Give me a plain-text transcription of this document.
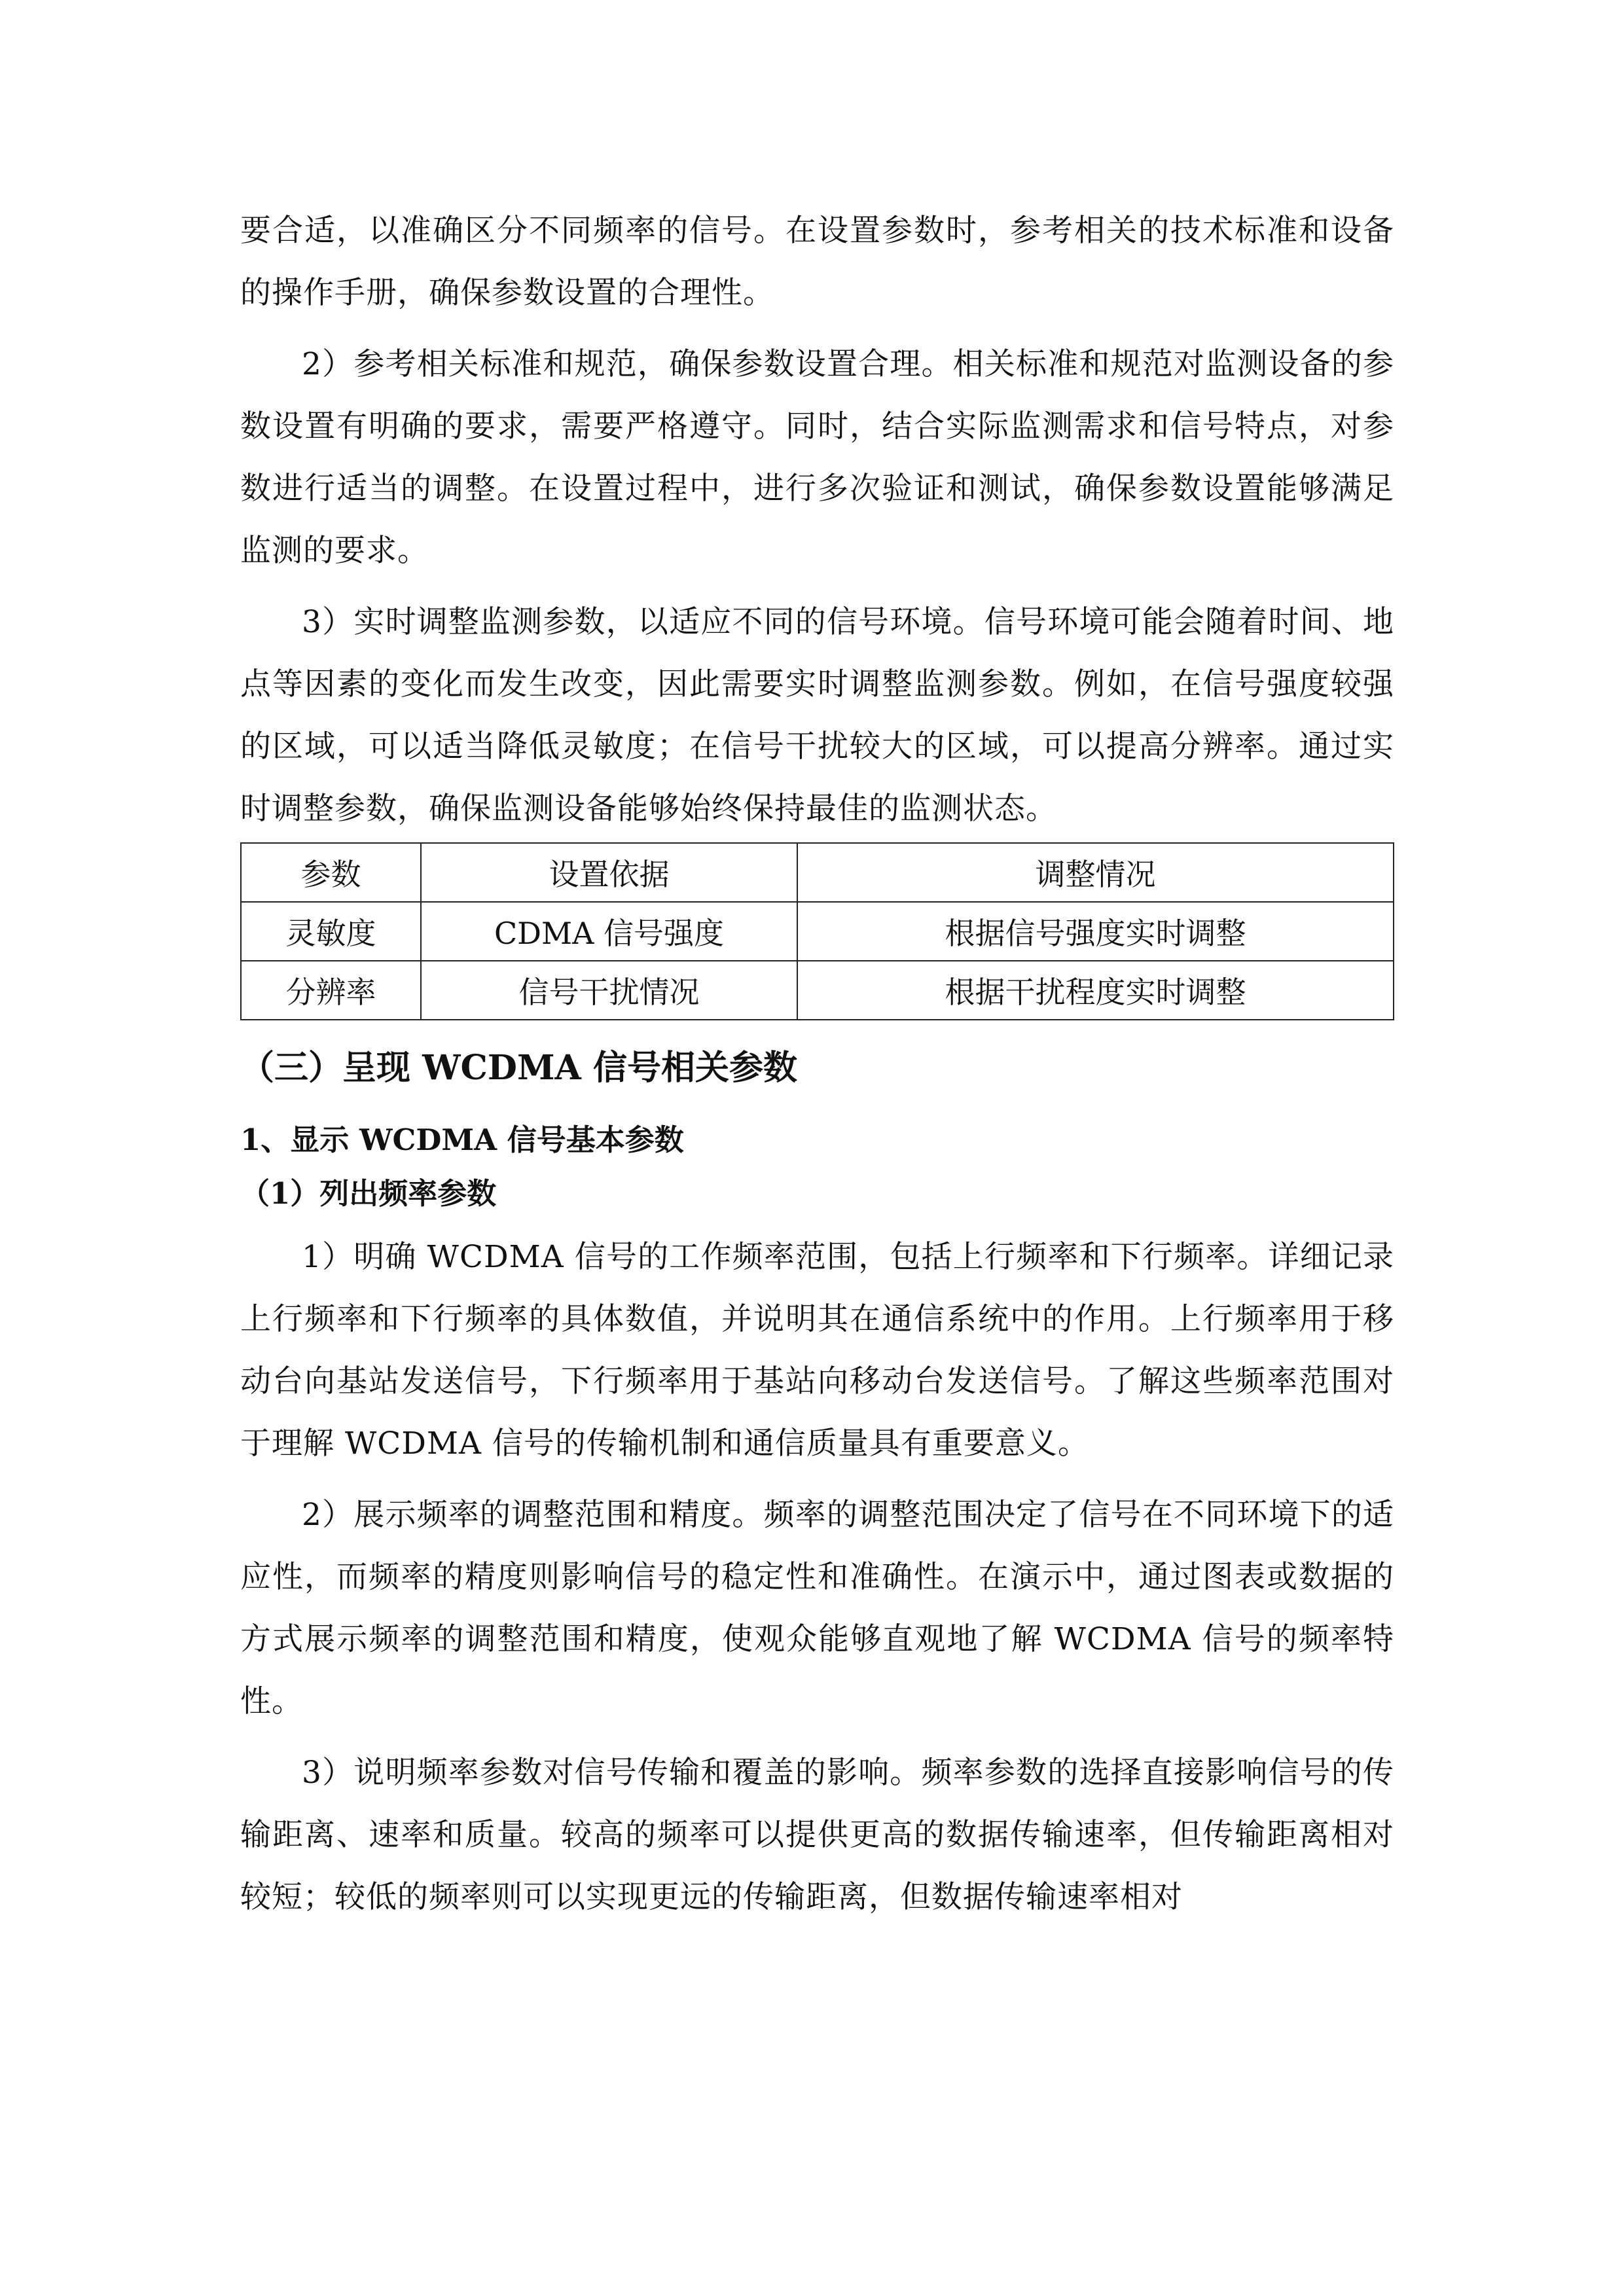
要合适，以准确区分不同频率的信号。在设置参数时，参考相关的技术标准和设备的操作手册，确保参数设置的合理性。

2）参考相关标准和规范，确保参数设置合理。相关标准和规范对监测设备的参数设置有明确的要求，需要严格遵守。同时，结合实际监测需求和信号特点，对参数进行适当的调整。在设置过程中，进行多次验证和测试，确保参数设置能够满足监测的要求。

3）实时调整监测参数，以适应不同的信号环境。信号环境可能会随着时间、地点等因素的变化而发生改变，因此需要实时调整监测参数。例如，在信号强度较强的区域，可以适当降低灵敏度；在信号干扰较大的区域，可以提高分辨率。通过实时调整参数，确保监测设备能够始终保持最佳的监测状态。

参数	设置依据	调整情况
灵敏度	CDMA 信号强度	根据信号强度实时调整
分辨率	信号干扰情况	根据干扰程度实时调整
（三）呈现 WCDMA 信号相关参数
1、显示 WCDMA 信号基本参数
（1）列出频率参数

1）明确 WCDMA 信号的工作频率范围，包括上行频率和下行频率。详细记录上行频率和下行频率的具体数值，并说明其在通信系统中的作用。上行频率用于移动台向基站发送信号，下行频率用于基站向移动台发送信号。了解这些频率范围对于理解 WCDMA 信号的传输机制和通信质量具有重要意义。

2）展示频率的调整范围和精度。频率的调整范围决定了信号在不同环境下的适应性，而频率的精度则影响信号的稳定性和准确性。在演示中，通过图表或数据的方式展示频率的调整范围和精度，使观众能够直观地了解 WCDMA 信号的频率特性。

3）说明频率参数对信号传输和覆盖的影响。频率参数的选择直接影响信号的传输距离、速率和质量。较高的频率可以提供更高的数据传输速率，但传输距离相对较短；较低的频率则可以实现更远的传输距离，但数据传输速率相对
